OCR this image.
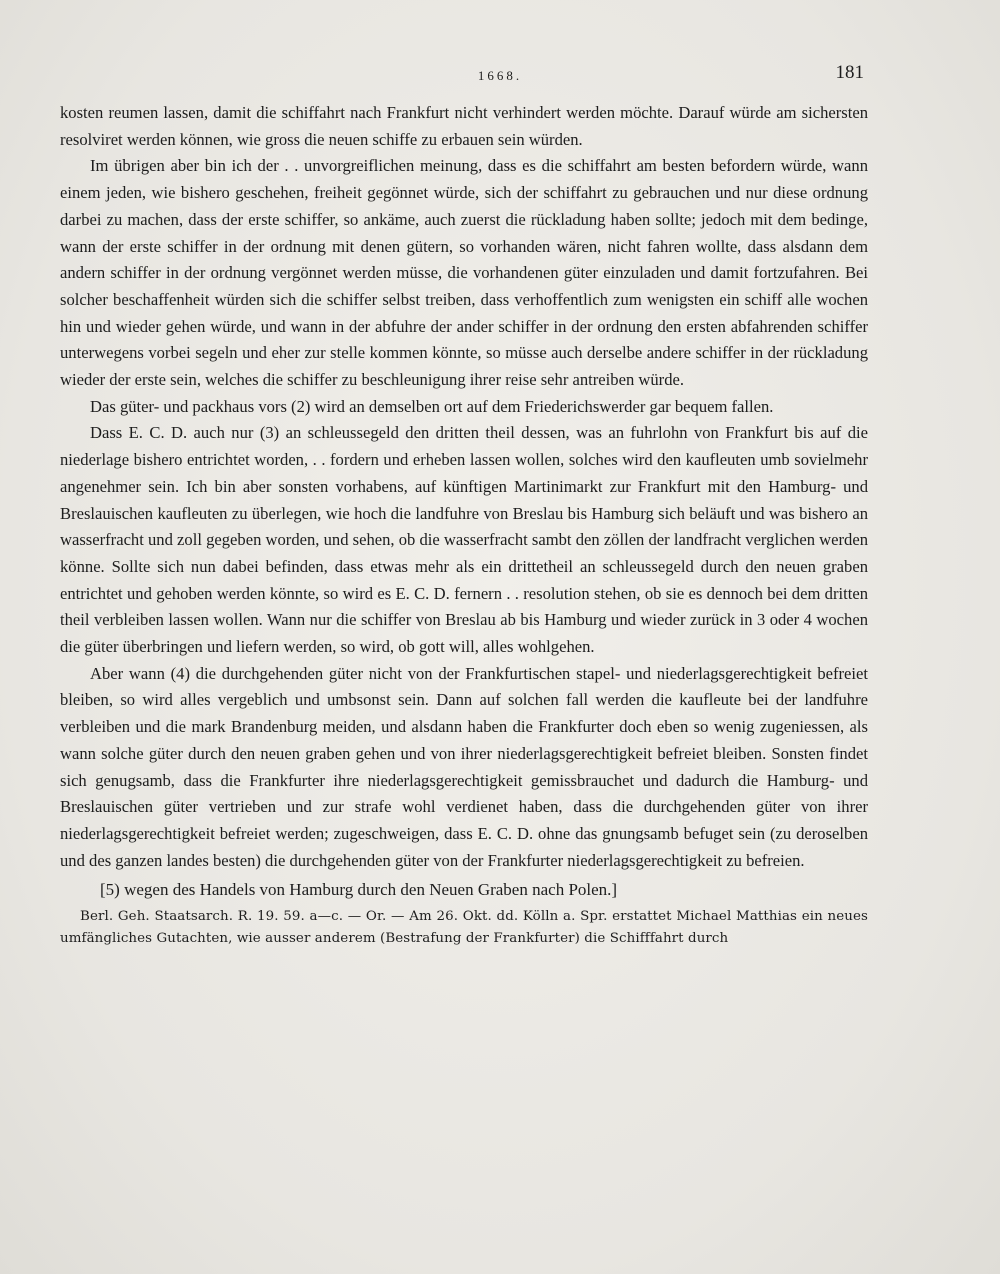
1668.	181

kosten reumen lassen, damit die schiffahrt nach Frankfurt nicht verhindert werden möchte. Darauf würde am sichersten resolviret werden können, wie gross die neuen schiffe zu erbauen sein würden.

Im übrigen aber bin ich der . . unvorgreiflichen meinung, dass es die schiffahrt am besten befordern würde, wann einem jeden, wie bishero geschehen, freiheit gegönnet würde, sich der schiffahrt zu gebrauchen und nur diese ordnung darbei zu machen, dass der erste schiffer, so ankäme, auch zuerst die rückladung haben sollte; jedoch mit dem bedinge, wann der erste schiffer in der ordnung mit denen gütern, so vorhanden wären, nicht fahren wollte, dass alsdann dem andern schiffer in der ordnung vergönnet werden müsse, die vorhandenen güter einzuladen und damit fortzufahren. Bei solcher beschaffenheit würden sich die schiffer selbst treiben, dass verhoffentlich zum wenigsten ein schiff alle wochen hin und wieder gehen würde, und wann in der abfuhre der ander schiffer in der ordnung den ersten abfahrenden schiffer unterwegens vorbei segeln und eher zur stelle kommen könnte, so müsse auch derselbe andere schiffer in der rückladung wieder der erste sein, welches die schiffer zu beschleunigung ihrer reise sehr antreiben würde.

Das güter- und packhaus vors (2) wird an demselben ort auf dem Friederichswerder gar bequem fallen.

Dass E. C. D. auch nur (3) an schleussegeld den dritten theil dessen, was an fuhrlohn von Frankfurt bis auf die niederlage bishero entrichtet worden, . . fordern und erheben lassen wollen, solches wird den kaufleuten umb sovielmehr angenehmer sein. Ich bin aber sonsten vorhabens, auf künftigen Martinimarkt zur Frankfurt mit den Hamburg- und Breslauischen kaufleuten zu überlegen, wie hoch die landfuhre von Breslau bis Hamburg sich beläuft und was bishero an wasserfracht und zoll gegeben worden, und sehen, ob die wasserfracht sambt den zöllen der landfracht verglichen werden könne. Sollte sich nun dabei befinden, dass etwas mehr als ein drittetheil an schleussegeld durch den neuen graben entrichtet und gehoben werden könnte, so wird es E. C. D. fernern . . resolution stehen, ob sie es dennoch bei dem dritten theil verbleiben lassen wollen. Wann nur die schiffer von Breslau ab bis Hamburg und wieder zurück in 3 oder 4 wochen die güter überbringen und liefern werden, so wird, ob gott will, alles wohlgehen.

Aber wann (4) die durchgehenden güter nicht von der Frankfurtischen stapel- und niederlagsgerechtigkeit befreiet bleiben, so wird alles vergeblich und umbsonst sein. Dann auf solchen fall werden die kaufleute bei der landfuhre verbleiben und die mark Brandenburg meiden, und alsdann haben die Frankfurter doch eben so wenig zugeniessen, als wann solche güter durch den neuen graben gehen und von ihrer niederlagsgerechtigkeit befreiet bleiben. Sonsten findet sich genugsamb, dass die Frankfurter ihre niederlagsgerechtigkeit gemissbrauchet und dadurch die Hamburg- und Breslauischen güter vertrieben und zur strafe wohl verdienet haben, dass die durchgehenden güter von ihrer niederlagsgerechtigkeit befreiet werden; zugeschweigen, dass E. C. D. ohne das gnungsamb befuget sein (zu deroselben und des ganzen landes besten) die durchgehenden güter von der Frankfurter niederlagsgerechtigkeit zu befreien.

[5) wegen des Handels von Hamburg durch den Neuen Graben nach Polen.]
Berl. Geh. Staatsarch. R. 19. 59. a—c. — Or. — Am 26. Okt. dd. Kölln a. Spr. erstattet Michael Matthias ein neues umfängliches Gutachten, wie ausser anderem (Bestrafung der Frankfurter) die Schifffahrt durch
